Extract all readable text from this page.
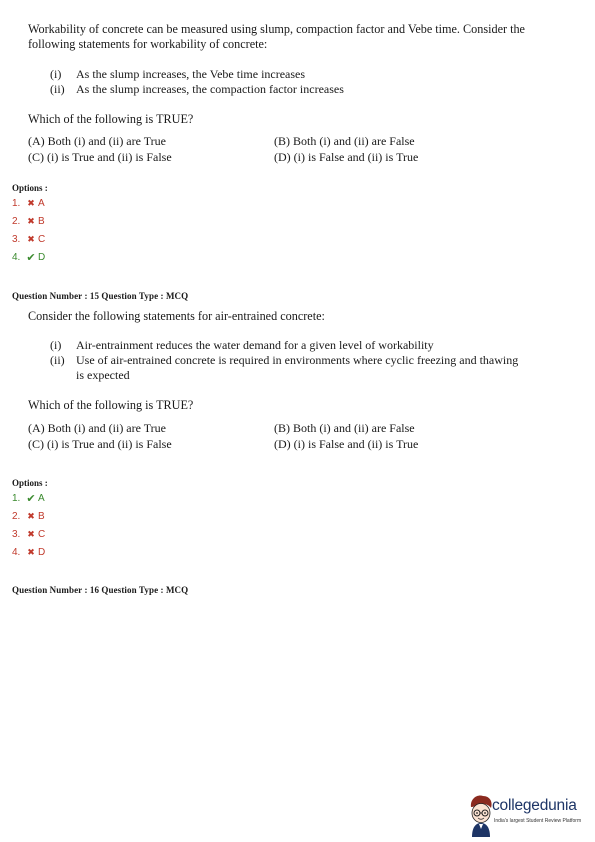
Workability of concrete can be measured using slump, compaction factor and Vebe time. Consider the following statements for workability of concrete:
(i) As the slump increases, the Vebe time increases
(ii) As the slump increases, the compaction factor increases
Which of the following is TRUE?
(A) Both (i) and (ii) are True	(B) Both (i) and (ii) are False
(C) (i) is True and (ii) is False	(D) (i) is False and (ii) is True
Options :
1. ✖ A
2. ✖ B
3. ✖ C
4. ✔ D
Question Number : 15 Question Type : MCQ
Consider the following statements for air-entrained concrete:
(i) Air-entrainment reduces the water demand for a given level of workability
(ii) Use of air-entrained concrete is required in environments where cyclic freezing and thawing is expected
Which of the following is TRUE?
(A) Both (i) and (ii) are True	(B) Both (i) and (ii) are False
(C) (i) is True and (ii) is False	(D) (i) is False and (ii) is True
Options :
1. ✔ A
2. ✖ B
3. ✖ C
4. ✖ D
Question Number : 16 Question Type : MCQ
collegedunia
India's largest Student Review Platform
